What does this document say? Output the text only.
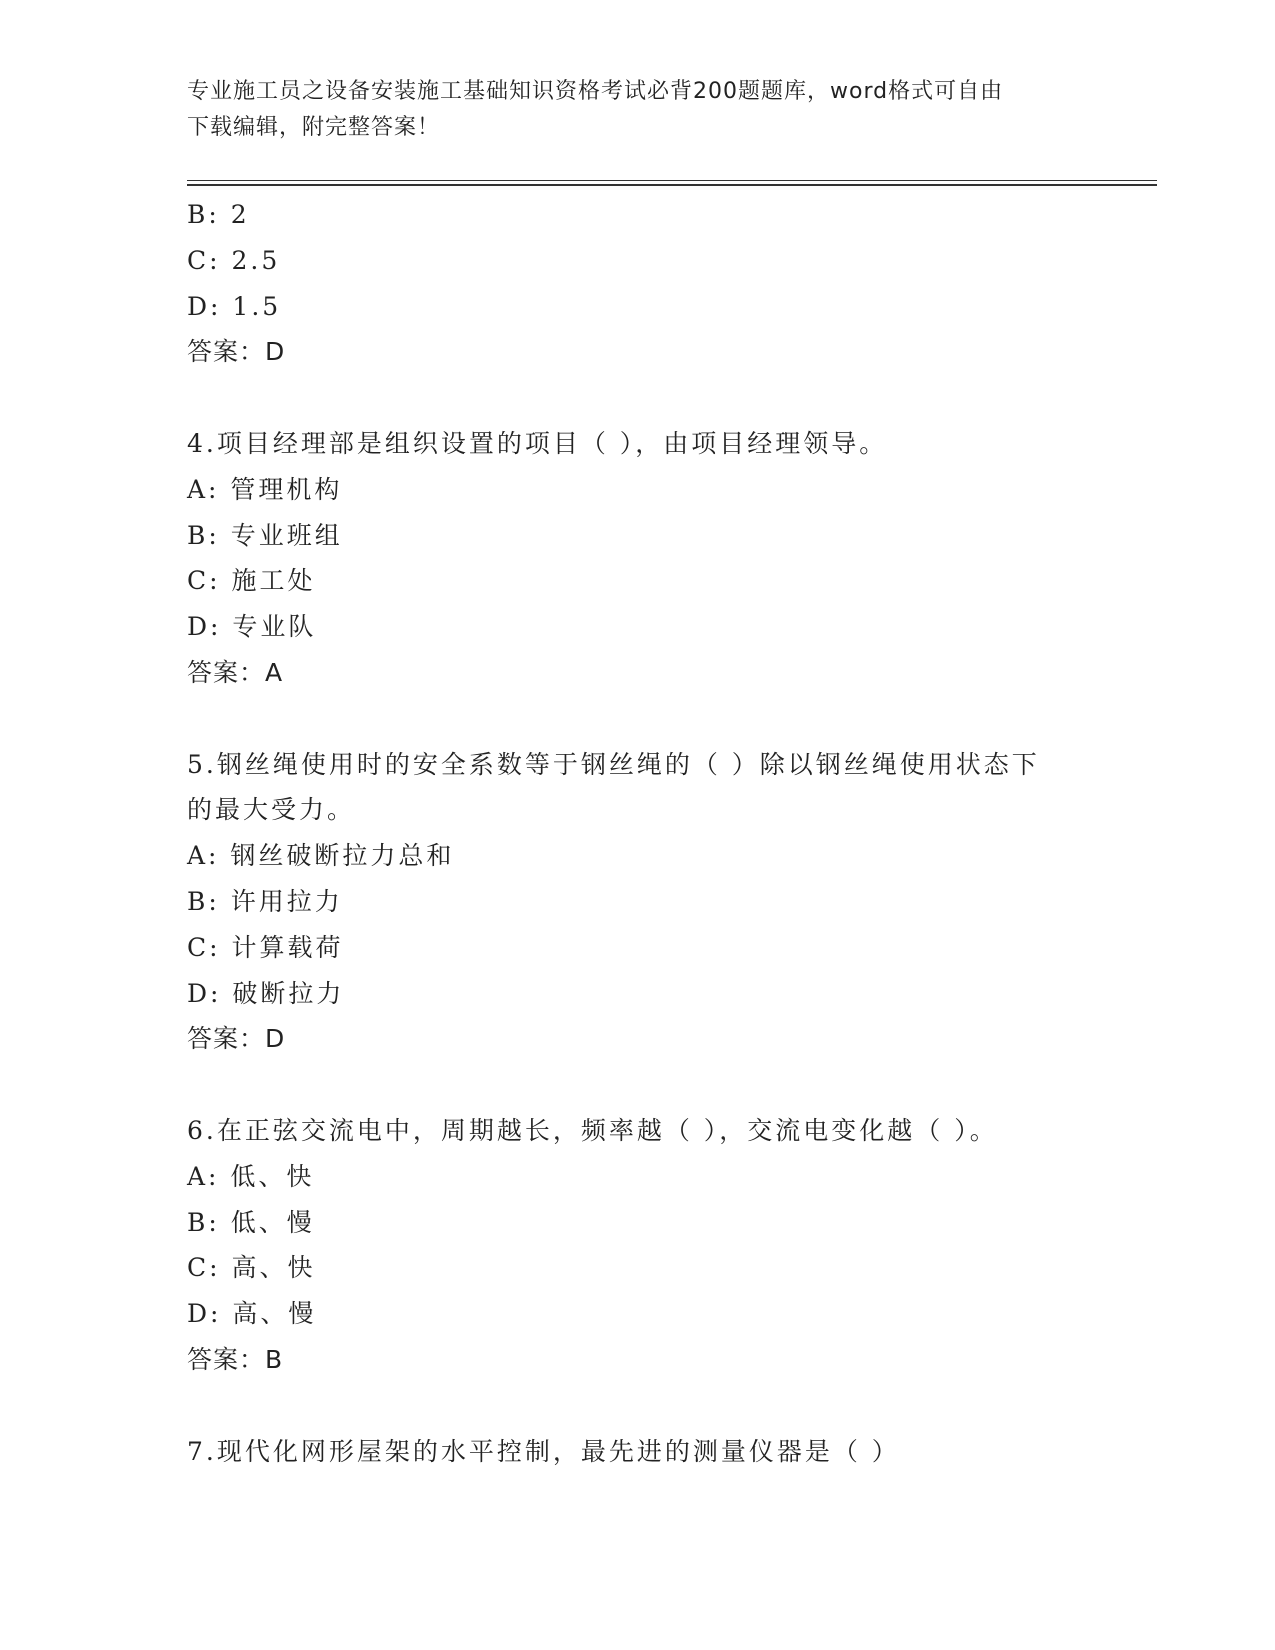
专业施工员之设备安装施工基础知识资格考试必背200题题库，word格式可自由
下载编辑，附完整答案！
B: 2
C: 2.5
D: 1.5
答案：D
4.项目经理部是组织设置的项目（ ），由项目经理领导。
A: 管理机构
B: 专业班组
C: 施工处
D: 专业队
答案：A
5.钢丝绳使用时的安全系数等于钢丝绳的（ ）除以钢丝绳使用状态下
的最大受力。
A: 钢丝破断拉力总和
B: 许用拉力
C: 计算载荷
D: 破断拉力
答案：D
6.在正弦交流电中，周期越长，频率越（ ），交流电变化越（ ）。
A: 低、快
B: 低、慢
C: 高、快
D: 高、慢
答案：B
7.现代化网形屋架的水平控制，最先进的测量仪器是（ ）
